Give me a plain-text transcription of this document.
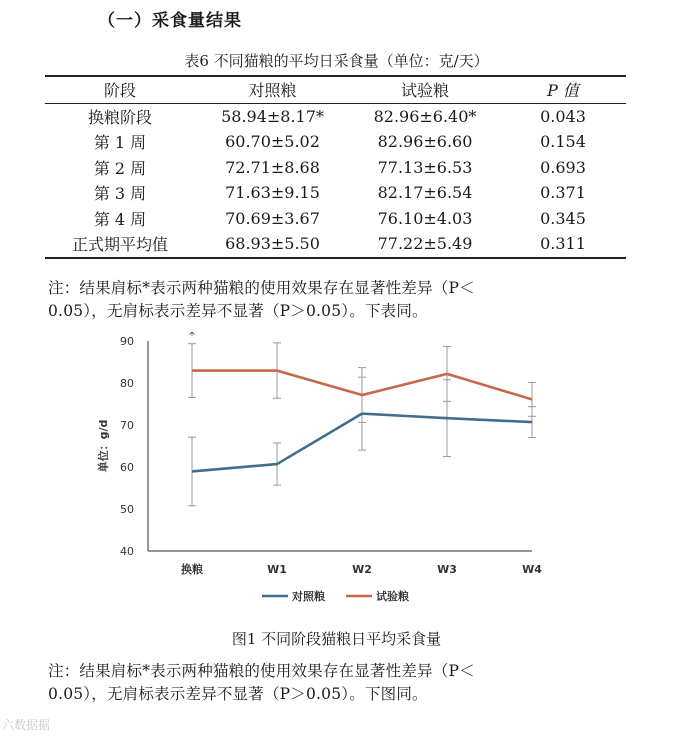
（一）采食量结果
表6 不同猫粮的平均日采食量（单位：克/天）
阶段	对照粮	试验粮	P 值
换粮阶段	58.94±8.17*	82.96±6.40*	0.043
第 1 周	60.70±5.02	82.96±6.60	0.154
第 2 周	72.71±8.68	77.13±6.53	0.693
第 3 周	71.63±9.15	82.17±6.54	0.371
第 4 周	70.69±3.67	76.10±4.03	0.345
正式期平均值	68.93±5.50	77.22±5.49	0.311
注：结果肩标*表示两种猫粮的使用效果存在显著性差异（P＜
0.05），无肩标表示差异不显著（P＞0.05）。下表同。
40
50
60
70
80
90
换粮	W1	W2	W3	W4
单位：g/d
*
对照粮	试验粮
图1 不同阶段猫粮日平均采食量
注：结果肩标*表示两种猫粮的使用效果存在显著性差异（P＜
0.05），无肩标表示差异不显著（P＞0.05）。下图同。
六数据据
